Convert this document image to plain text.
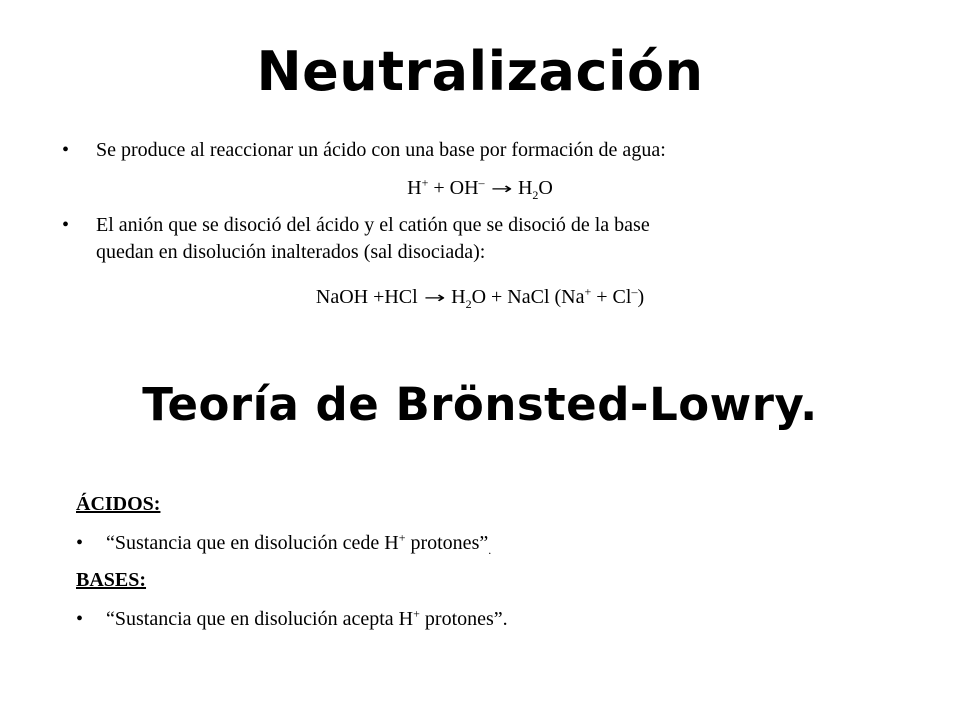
Neutralización
•	Se produce al reaccionar un ácido con una base por formación de agua:
$H^+ + OH^- \to H_2O$
•	El anión que se disoció del ácido y el catión que se disoció de la base
quedan en disolución inalterados (sal disociada):
NaOH $+HCl \to H_2O$ + NaCl (Na+ + Cl–)
Teoría de Brönsted-Lowry.
ÁCIDOS:
•	“Sustancia que en disolución cede H+ $protones”_.$
BASES:
•	“Sustancia que en disolución acepta H+ protones”.
